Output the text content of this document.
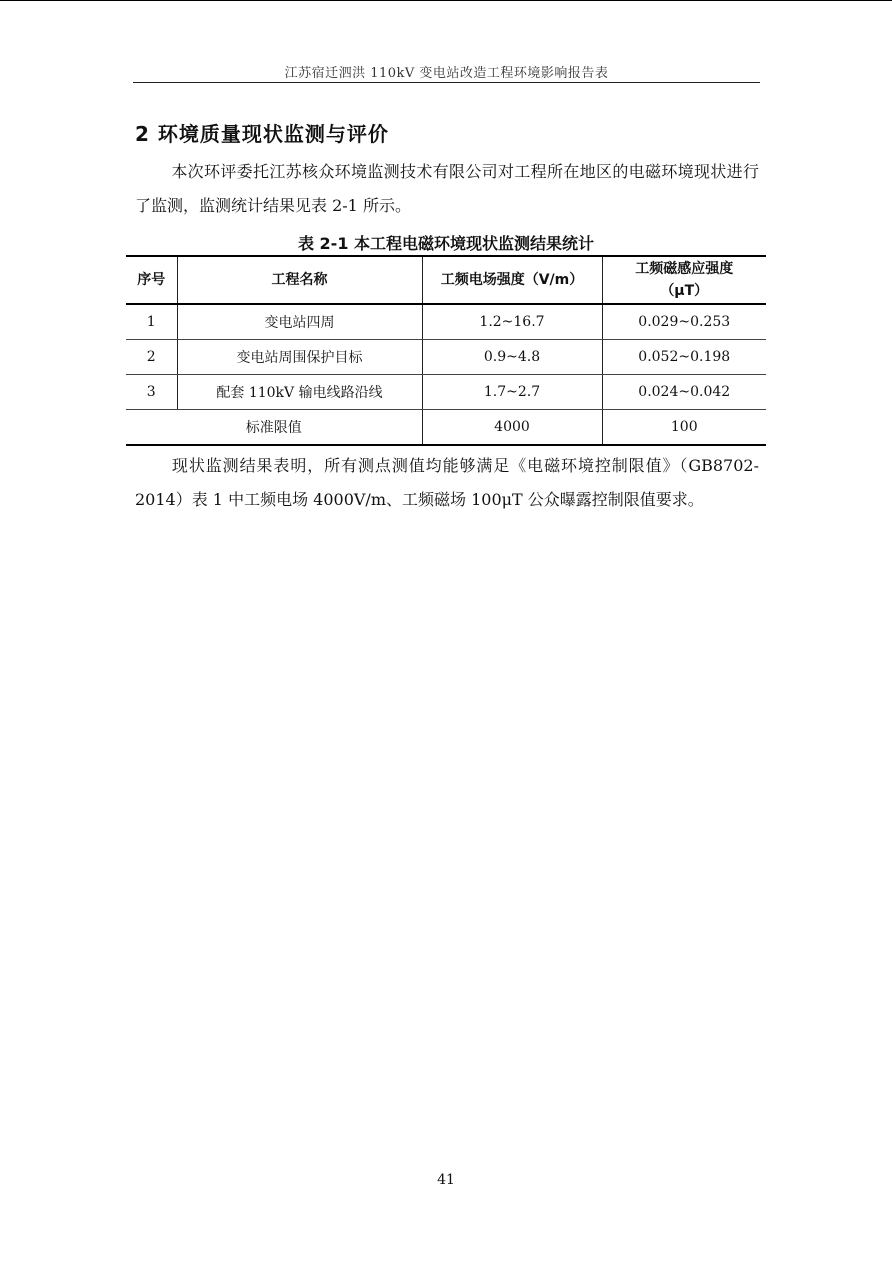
江苏宿迁泗洪 110kV 变电站改造工程环境影响报告表
2 环境质量现状监测与评价
本次环评委托江苏核众环境监测技术有限公司对工程所在地区的电磁环境现状进行了监测，监测统计结果见表 2-1 所示。
表 2-1 本工程电磁环境现状监测结果统计
序号	工程名称	工频电场强度（V/m）	工频磁感应强度
（μT）
1	变电站四周	1.2~16.7	0.029~0.253
2	变电站周围保护目标	0.9~4.8	0.052~0.198
3	配套 110kV 输电线路沿线	1.7~2.7	0.024~0.042
标准限值		4000	100
现状监测结果表明，所有测点测值均能够满足《电磁环境控制限值》（GB8702-2014）表 1 中工频电场 4000V/m、工频磁场 100μT 公众曝露控制限值要求。
41
